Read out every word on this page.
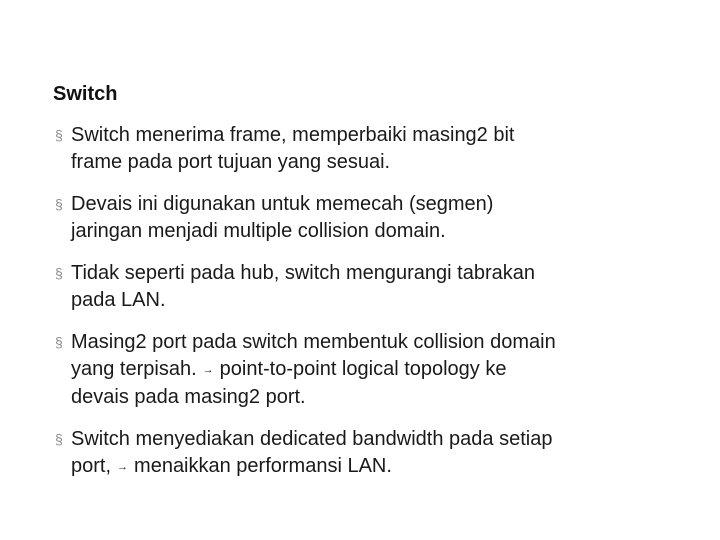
Switch
§ Switch menerima frame, memperbaiki masing2 bit
frame pada port tujuan yang sesuai.
§ Devais ini digunakan untuk memecah (segmen)
jaringan menjadi multiple collision domain.
§ Tidak seperti pada hub, switch mengurangi tabrakan
pada LAN.
§ Masing2 port pada switch membentuk collision domain
yang terpisah. → point-to-point logical topology ke
devais pada masing2 port.
§ Switch menyediakan dedicated bandwidth pada setiap
port, → menaikkan performansi LAN.
